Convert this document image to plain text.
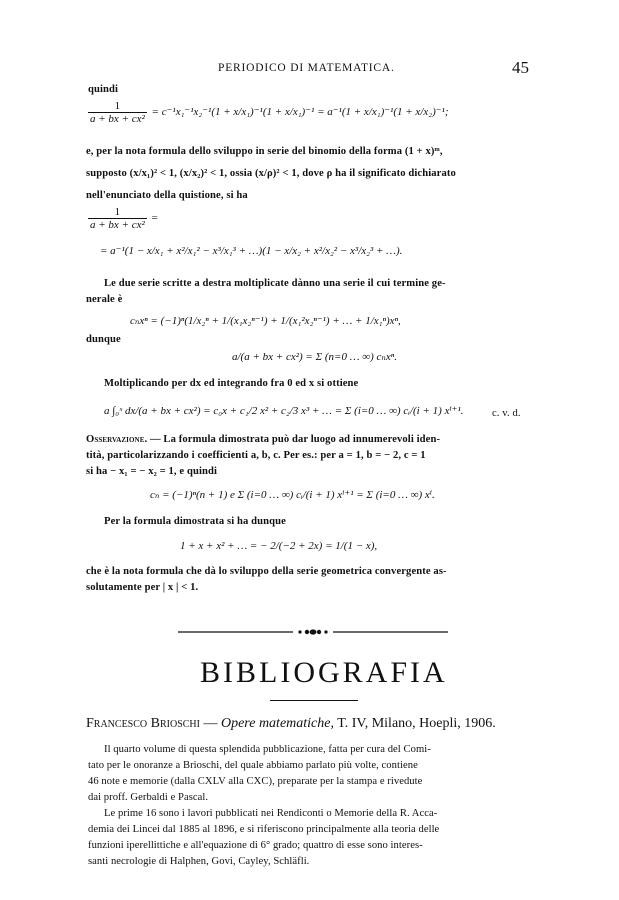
PERIODICO DI MATEMATICA.	45
quindi
$\frac{1}{\text{a + bx + cx²}} = c^{-1}x_1^{-1}x_2^{-1}(1 + x/x_1)^{-1}(1 + x/x_1)^{-1} = a^{-1}(1 + x/x_1)^{-1}(1 + x/x_2)^{-1}$;
e, per la nota formula dello sviluppo in serie del binomio della forma (1 + x)ᵐ,
supposto (x/x₁)² < 1, (x/x₂)² < 1, ossia (x/ρ)² < 1, dove ρ ha il significato dichiarato
nell'enunciato della quistione, si ha
$\frac{1}{\text{a + bx + cx²}}$ =
= a⁻¹(1 − x/x₁ + x²/x₁² − x³/x₁³ + …)(1 − x/x₂ + x²/x₂² − x³/x₂³ + …).
Le due serie scritte a destra moltiplicate dànno una serie il cui termine ge-
nerale è
cₙxⁿ = (−1)ⁿ(1/x₂ⁿ + 1/(x₁x₂ⁿ⁻¹) + 1/(x₁²x₂ⁿ⁻¹) + … + 1/x₁ⁿ)xⁿ,
dunque
a/(a + bx + cx²) = Σ (n=0 … ∞) cₙxⁿ.
Moltiplicando per dx ed integrando fra 0 ed x si ottiene
a ∫₀ˣ dx/(a + bx + cx²) = c₀x + c₁/2 x² + c₂/3 x³ + … = Σ (i=0 … ∞) cᵢ/(i + 1) xⁱ⁺¹.	c. v. d.
Osservazione. — La formula dimostrata può dar luogo ad innumerevoli iden-
tità, particolarizzando i coefficienti a, b, c. Per es.: per a = 1, b = − 2, c = 1
si ha − x₁ = − x₂ = 1, e quindi
cₙ = (−1)ⁿ(n + 1) e Σ (i=0 … ∞) cᵢ/(i + 1) xⁱ⁺¹ = Σ (i=0 … ∞) xⁱ.
Per la formula dimostrata si ha dunque
1 + x + x² + … = − 2/(−2 + 2x) = 1/(1 − x),
che è la nota formula che dà lo sviluppo della serie geometrica convergente as-
solutamente per | x | < 1.
BIBLIOGRAFIA
Francesco Brioschi — Opere matematiche, T. IV, Milano, Hoepli, 1906.
Il quarto volume di questa splendida pubblicazione, fatta per cura del Comi-
tato per le onoranze a Brioschi, del quale abbiamo parlato più volte, contiene
46 note e memorie (dalla CXLV alla CXC), preparate per la stampa e rivedute
dai proff. Gerbaldi e Pascal.
Le prime 16 sono i lavori pubblicati nei Rendiconti o Memorie della R. Acca-
demia dei Lincei dal 1885 al 1896, e si riferiscono principalmente alla teoria delle
funzioni iperellittiche e all'equazione di 6° grado; quattro di esse sono interes-
santi necrologie di Halphen, Govi, Cayley, Schläfli.
